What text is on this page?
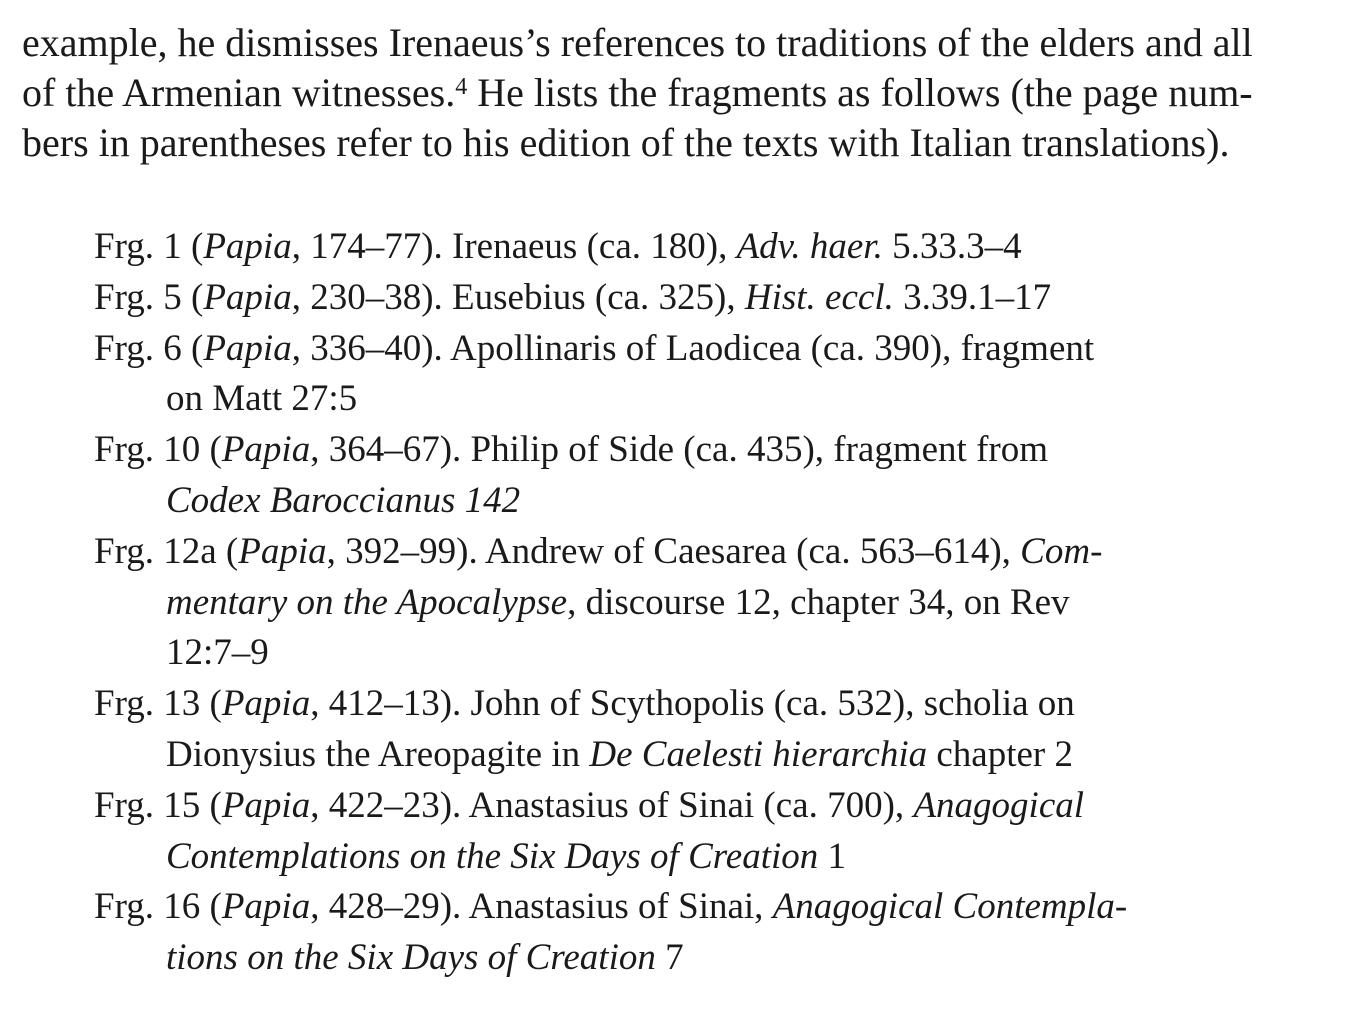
example, he dismisses Irenaeus’s references to traditions of the elders and all
of the Armenian witnesses.$^4$ He lists the fragments as follows (the page num-
bers in parentheses refer to his edition of the texts with Italian translations).

Frg. 1 (Papia, 174–77). Irenaeus (ca. 180), Adv. haer. 5.33.3–4
Frg. 5 (Papia, 230–38). Eusebius (ca. 325), Hist. eccl. 3.39.1–17
Frg. 6 (Papia, 336–40). Apollinaris of Laodicea (ca. 390), fragment
on Matt 27:5
Frg. 10 (Papia, 364–67). Philip of Side (ca. 435), fragment from
Codex Baroccianus 142
Frg. 12a (Papia, 392–99). Andrew of Caesarea (ca. 563–614), Com-
mentary on the Apocalypse, discourse 12, chapter 34, on Rev
12:7–9
Frg. 13 (Papia, 412–13). John of Scythopolis (ca. 532), scholia on
Dionysius the Areopagite in De Caelesti hierarchia chapter 2
Frg. 15 (Papia, 422–23). Anastasius of Sinai (ca. 700), Anagogical
Contemplations on the Six Days of Creation 1
Frg. 16 (Papia, 428–29). Anastasius of Sinai, Anagogical Contempla-
tions on the Six Days of Creation 7
